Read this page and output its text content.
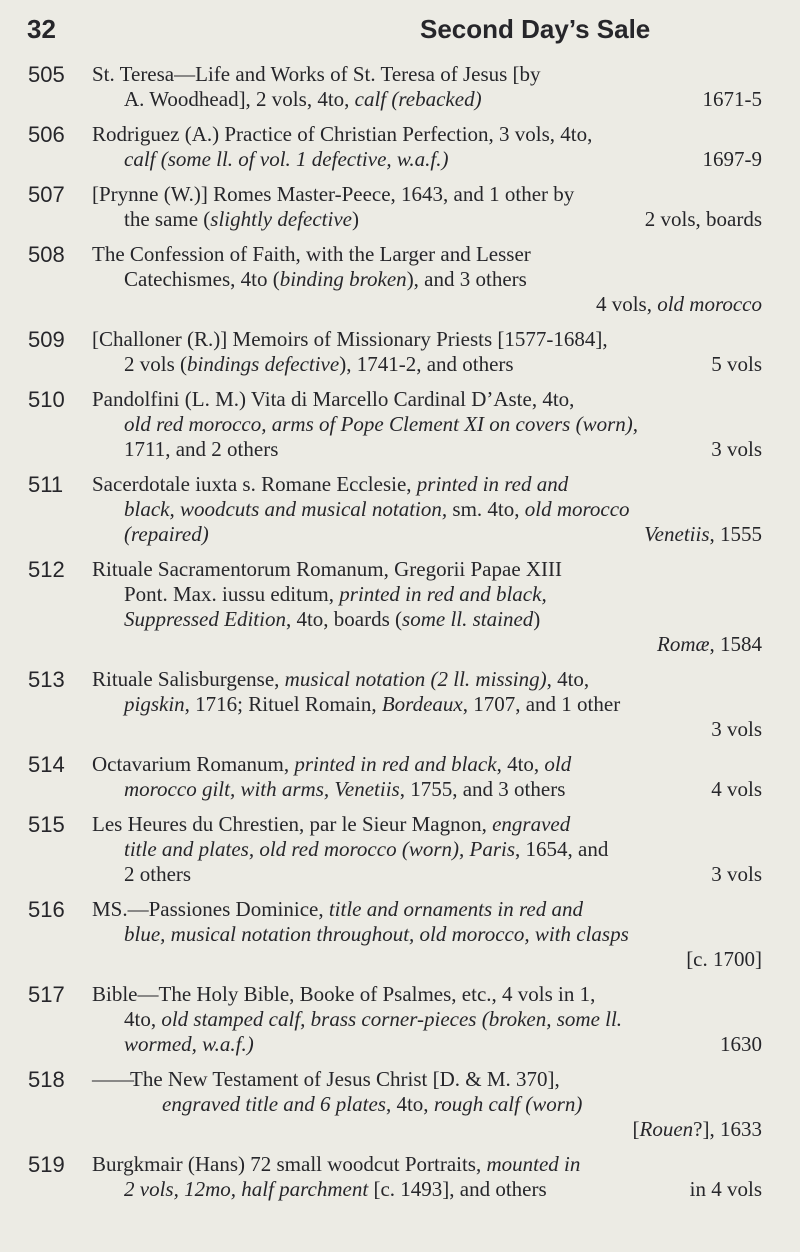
32	Second Day’s Sale
505 St. Teresa—Life and Works of St. Teresa of Jesus [by
A. Woodhead], 2 vols, 4to, calf (rebacked)	1671-5
506 Rodriguez (A.) Practice of Christian Perfection, 3 vols, 4to,
calf (some ll. of vol. 1 defective, w.a.f.)	1697-9
507 [Prynne (W.)] Romes Master-Peece, 1643, and 1 other by
the same (slightly defective)	2 vols, boards
508 The Confession of Faith, with the Larger and Lesser
Catechismes, 4to (binding broken), and 3 others
4 vols, old morocco
509 [Challoner (R.)] Memoirs of Missionary Priests [1577-1684],
2 vols (bindings defective), 1741-2, and others	5 vols
510 Pandolfini (L. M.) Vita di Marcello Cardinal D’Aste, 4to,
old red morocco, arms of Pope Clement XI on covers (worn),
1711, and 2 others	3 vols
511 Sacerdotale iuxta s. Romane Ecclesie, printed in red and
black, woodcuts and musical notation, sm. 4to, old morocco
(repaired)	Venetiis, 1555
512 Rituale Sacramentorum Romanum, Gregorii Papae XIII
Pont. Max. iussu editum, printed in red and black,
Suppressed Edition, 4to, boards (some ll. stained)
Romæ, 1584
513 Rituale Salisburgense, musical notation (2 ll. missing), 4to,
pigskin, 1716; Rituel Romain, Bordeaux, 1707, and 1 other
3 vols
514 Octavarium Romanum, printed in red and black, 4to, old
morocco gilt, with arms, Venetiis, 1755, and 3 others	4 vols
515 Les Heures du Chrestien, par le Sieur Magnon, engraved
title and plates, old red morocco (worn), Paris, 1654, and
2 others	3 vols
516 MS.—Passiones Dominice, title and ornaments in red and
blue, musical notation throughout, old morocco, with clasps
[c. 1700]
517 Bible—The Holy Bible, Booke of Psalmes, etc., 4 vols in 1,
4to, old stamped calf, brass corner-pieces (broken, some ll.
wormed, w.a.f.)	1630
518 ——
The New Testament of Jesus Christ [D. & M. 370],
engraved title and 6 plates, 4to, rough calf (worn)
[Rouen?], 1633
519 Burgkmair (Hans) 72 small woodcut Portraits, mounted in
2 vols, 12mo, half parchment [c. 1493], and others	in 4 vols
